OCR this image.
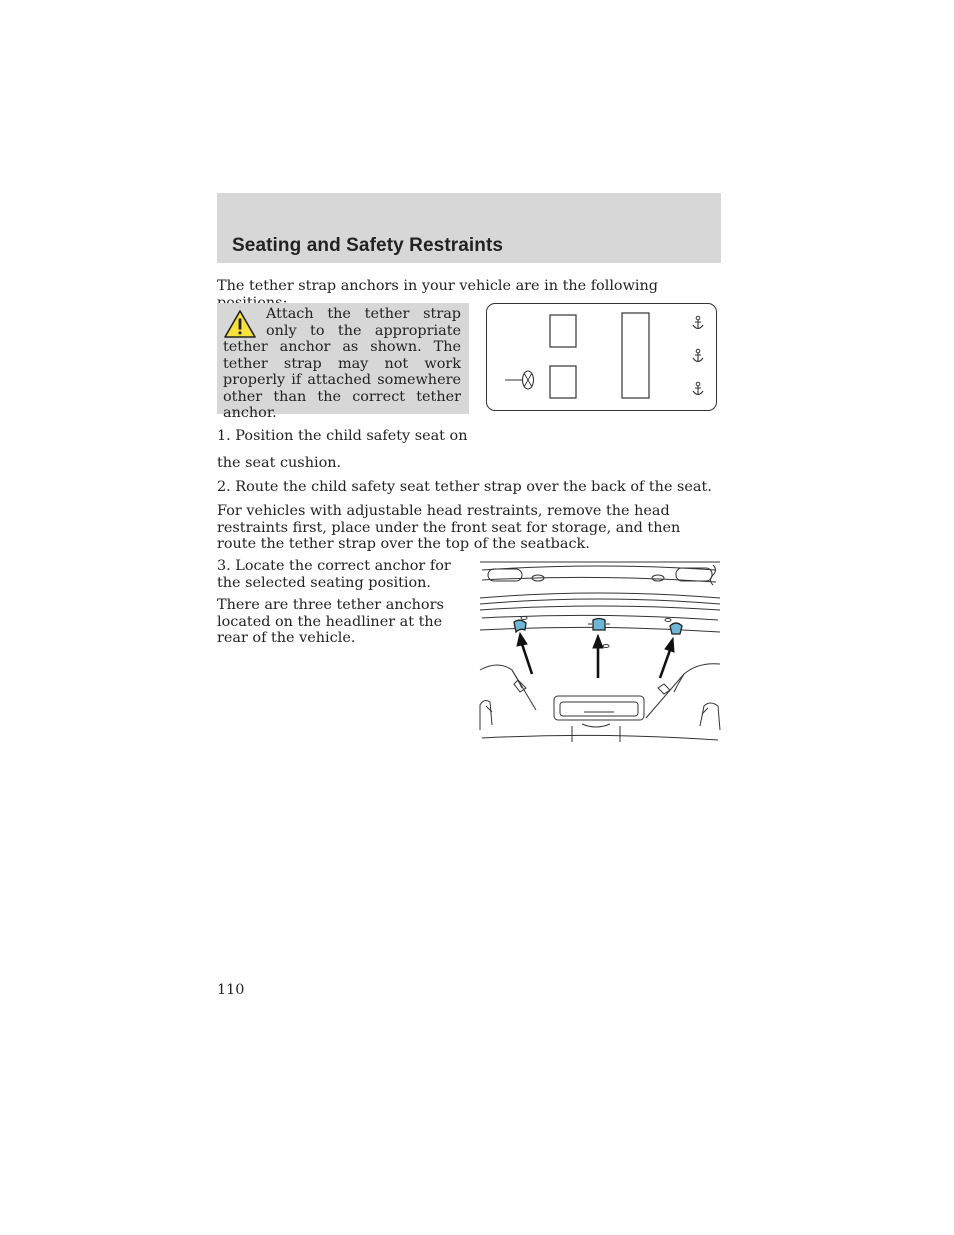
Seating and Safety Restraints

The tether strap anchors in your vehicle are in the following

Attach the tether strap only to the appropriate tether anchor as shown. The tether strap may not work properly if attached somewhere other than the correct tether anchor.

1. Position the child safety seat on

the seat cushion.

2. Route the child safety seat tether strap over the back of the seat.

For vehicles with adjustable head restraints, remove the head restraints first, place under the front seat for storage, and then route the tether strap over the top of the seatback.

3. Locate the correct anchor for the selected seating position.

There are three tether anchors located on the headliner at the rear of the vehicle.

110
